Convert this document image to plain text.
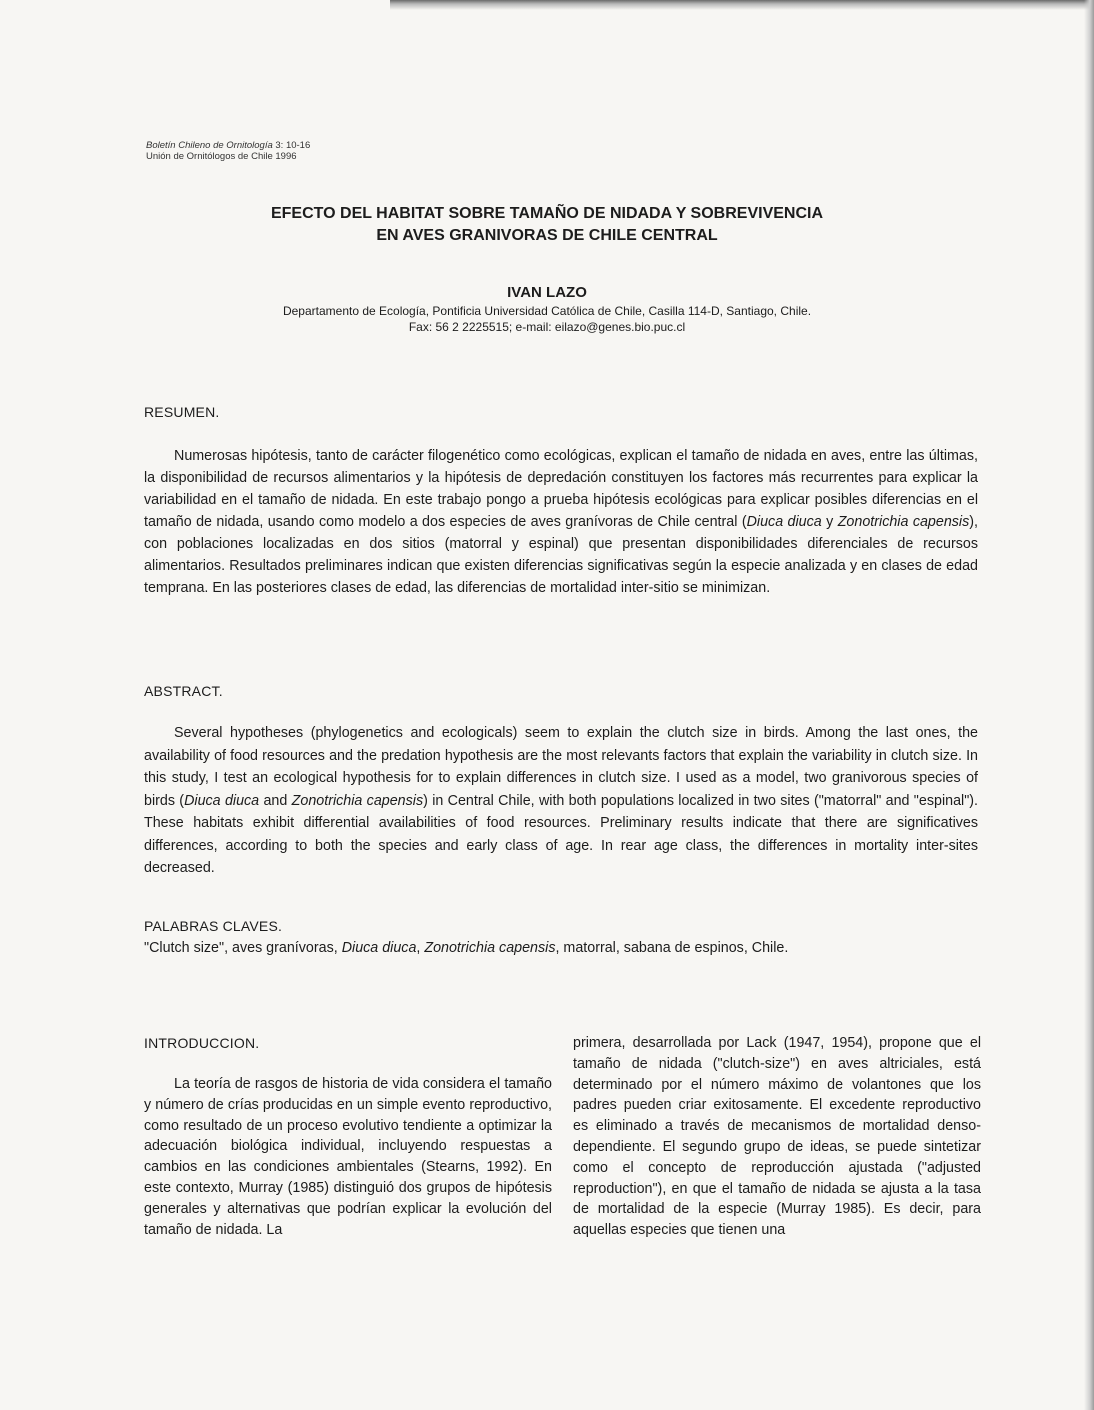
Boletín Chileno de Ornitología 3: 10-16
Unión de Ornitólogos de Chile 1996
EFECTO DEL HABITAT SOBRE TAMAÑO DE NIDADA Y SOBREVIVENCIA
EN AVES GRANIVORAS DE CHILE CENTRAL
IVAN LAZO
Departamento de Ecología, Pontificia Universidad Católica de Chile, Casilla 114-D, Santiago, Chile.
Fax: 56 2 2225515; e-mail: eilazo@genes.bio.puc.cl
RESUMEN.
Numerosas hipótesis, tanto de carácter filogenético como ecológicas, explican el tamaño de nidada en aves, entre las últimas, la disponibilidad de recursos alimentarios y la hipótesis de depredación constituyen los factores más recurrentes para explicar la variabilidad en el tamaño de nidada. En este trabajo pongo a prueba hipótesis ecológicas para explicar posibles diferencias en el tamaño de nidada, usando como modelo a dos especies de aves granívoras de Chile central (Diuca diuca y Zonotrichia capensis), con poblaciones localizadas en dos sitios (matorral y espinal) que presentan disponibilidades diferenciales de recursos alimentarios. Resultados preliminares indican que existen diferencias significativas según la especie analizada y en clases de edad temprana. En las posteriores clases de edad, las diferencias de mortalidad inter-sitio se minimizan.
ABSTRACT.
Several hypotheses (phylogenetics and ecologicals) seem to explain the clutch size in birds. Among the last ones, the availability of food resources and the predation hypothesis are the most relevants factors that explain the variability in clutch size. In this study, I test an ecological hypothesis for to explain differences in clutch size. I used as a model, two granivorous species of birds (Diuca diuca and Zonotrichia capensis) in Central Chile, with both populations localized in two sites ("matorral" and "espinal"). These habitats exhibit differential availabilities of food resources. Preliminary results indicate that there are significatives differences, according to both the species and early class of age. In rear age class, the differences in mortality inter-sites decreased.
PALABRAS CLAVES.
"Clutch size", aves granívoras, Diuca diuca, Zonotrichia capensis, matorral, sabana de espinos, Chile.
INTRODUCCION.
La teoría de rasgos de historia de vida considera el tamaño y número de crías producidas en un simple evento reproductivo, como resultado de un proceso evolutivo tendiente a optimizar la adecuación biológica individual, incluyendo respuestas a cambios en las condiciones ambientales (Stearns, 1992). En este contexto, Murray (1985) distinguió dos grupos de hipótesis generales y alternativas que podrían explicar la evolución del tamaño de nidada. La
primera, desarrollada por Lack (1947, 1954), propone que el tamaño de nidada ("clutch-size") en aves altriciales, está determinado por el número máximo de volantones que los padres pueden criar exitosamente. El excedente reproductivo es eliminado a través de mecanismos de mortalidad denso-dependiente. El segundo grupo de ideas, se puede sintetizar como el concepto de reproducción ajustada ("adjusted reproduction"), en que el tamaño de nidada se ajusta a la tasa de mortalidad de la especie (Murray 1985). Es decir, para aquellas especies que tienen una
